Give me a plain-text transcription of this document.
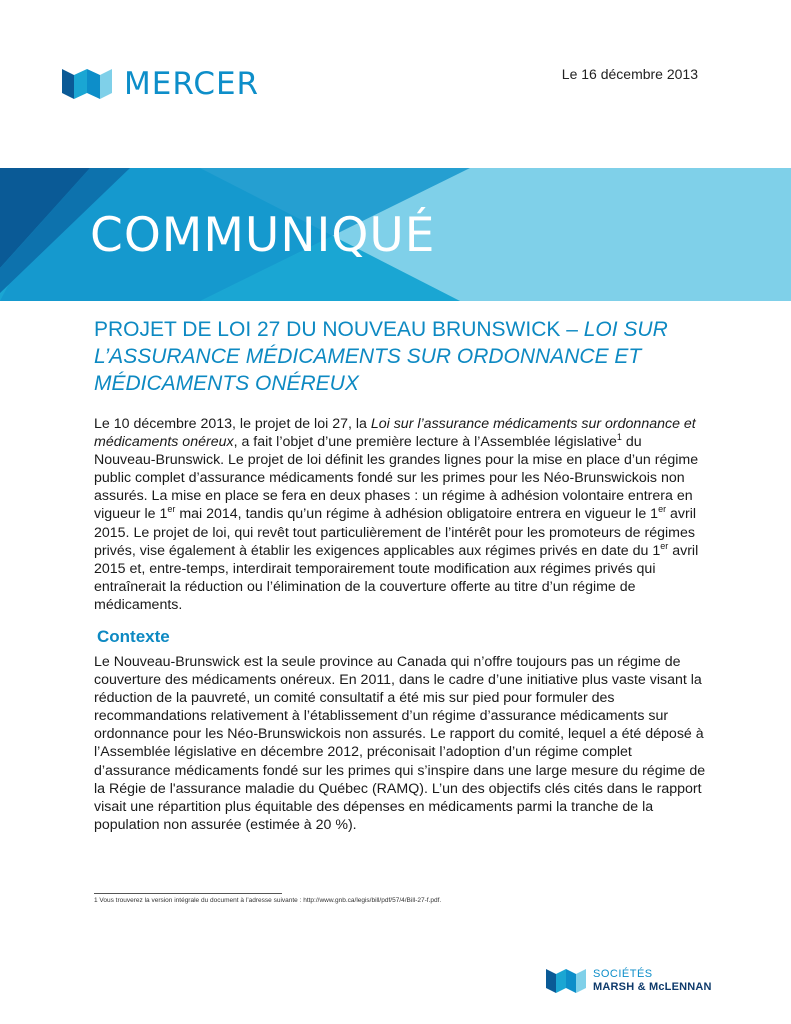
MERCER	Le 16 décembre 2013
COMMUNIQUÉ
PROJET DE LOI 27 DU NOUVEAU BRUNSWICK – LOI SUR L’ASSURANCE MÉDICAMENTS SUR ORDONNANCE ET MÉDICAMENTS ONÉREUX

Le 10 décembre 2013, le projet de loi 27, la Loi sur l’assurance médicaments sur ordonnance et médicaments onéreux, a fait l’objet d’une première lecture à l’Assemblée législative$^1$ du Nouveau-Brunswick. Le projet de loi définit les grandes lignes pour la mise en place d’un régime public complet d’assurance médicaments fondé sur les primes pour les Néo-Brunswickois non assurés. La mise en place se fera en deux phases : un régime à adhésion volontaire entrera en vigueur le 1er mai 2014, tandis qu’un régime à adhésion obligatoire entrera en vigueur le 1er avril 2015. Le projet de loi, qui revêt tout particulièrement de l’intérêt pour les promoteurs de régimes privés, vise également à établir les exigences applicables aux régimes privés en date du 1er avril 2015 et, entre-temps, interdirait temporairement toute modification aux régimes privés qui entraînerait la réduction ou l’élimination de la couverture offerte au titre d’un régime de médicaments.

Contexte

Le Nouveau-Brunswick est la seule province au Canada qui n’offre toujours pas un régime de couverture des médicaments onéreux. En 2011, dans le cadre d’une initiative plus vaste visant la réduction de la pauvreté, un comité consultatif a été mis sur pied pour formuler des recommandations relativement à l’établissement d’un régime d’assurance médicaments sur ordonnance pour les Néo-Brunswickois non assurés. Le rapport du comité, lequel a été déposé à l’Assemblée législative en décembre 2012, préconisait l’adoption d’un régime complet d’assurance médicaments fondé sur les primes qui s’inspire dans une large mesure du régime de la Régie de l'assurance maladie du Québec (RAMQ). L’un des objectifs clés cités dans le rapport visait une répartition plus équitable des dépenses en médicaments parmi la tranche de la population non assurée (estimée à 20 %).

1 Vous trouverez la version intégrale du document à l’adresse suivante : http://www.gnb.ca/legis/bill/pdf/57/4/Bill-27-f.pdf.

SOCIÉTÉS
MARSH & McLENNAN
